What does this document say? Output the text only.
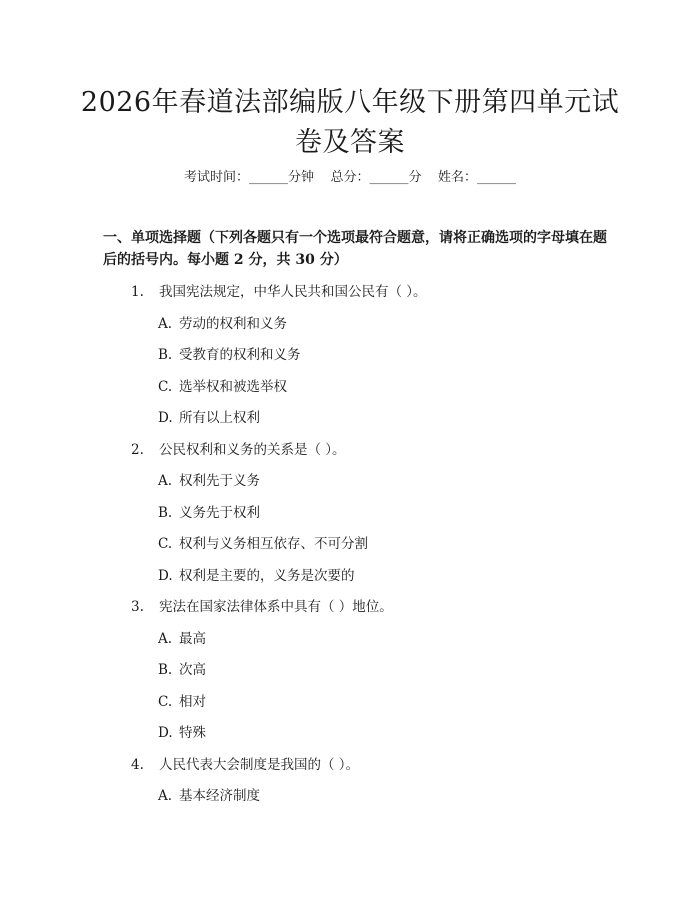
2026年春道法部编版八年级下册第四单元试
卷及答案
考试时间：______分钟    总分：______分    姓名：______
一、单项选择题（下列各题只有一个选项最符合题意，请将正确选项的字母填在题后的括号内。每小题 2 分，共 30 分）
1. 我国宪法规定，中华人民共和国公民有（ ）。
A. 劳动的权利和义务
B. 受教育的权利和义务
C. 选举权和被选举权
D. 所有以上权利
2. 公民权利和义务的关系是（ ）。
A. 权利先于义务
B. 义务先于权利
C. 权利与义务相互依存、不可分割
D. 权利是主要的，义务是次要的
3. 宪法在国家法律体系中具有（ ）地位。
A. 最高
B. 次高
C. 相对
D. 特殊
4. 人民代表大会制度是我国的（ ）。
A. 基本经济制度
